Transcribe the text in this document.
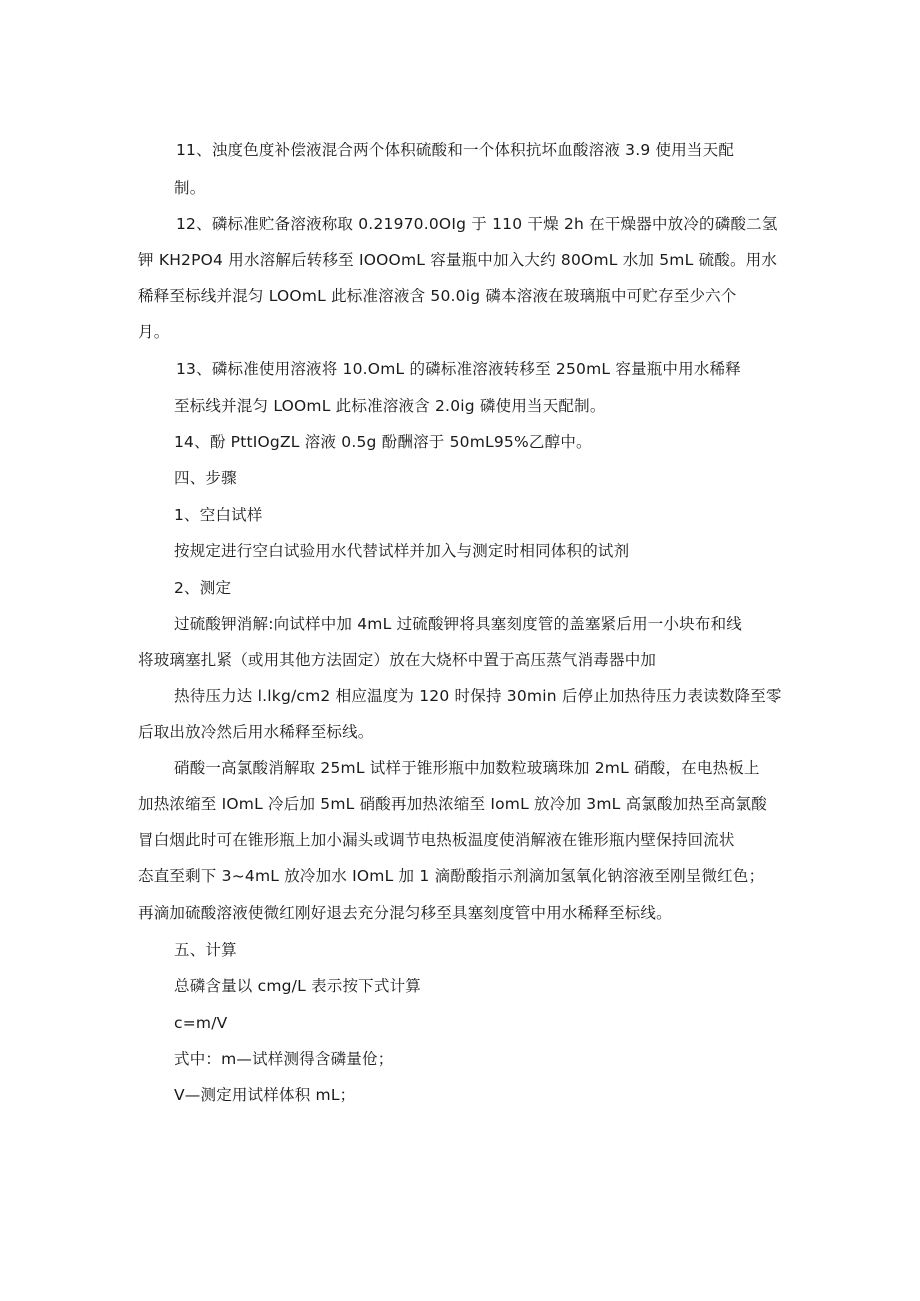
11、浊度色度补偿液混合两个体积硫酸和一个体积抗坏血酸溶液 3.9 使用当天配
制。
12、磷标准贮备溶液称取 0.21970.0OIg 于 110 干燥 2h 在干燥器中放冷的磷酸二氢
钾 KH2PO4 用水溶解后转移至 IOOOmL 容量瓶中加入大约 80OmL 水加 5mL 硫酸。用水
稀释至标线并混匀 LOOmL 此标准溶液含 50.0ig 磷本溶液在玻璃瓶中可贮存至少六个
月。
13、磷标准使用溶液将 10.OmL 的磷标准溶液转移至 250mL 容量瓶中用水稀释
至标线并混匀 LOOmL 此标准溶液含 2.0ig 磷使用当天配制。
14、酚 PttIOgZL 溶液 0.5g 酚酬溶于 50mL95%乙醇中。
四、步骤
1、空白试样
按规定进行空白试验用水代替试样并加入与测定时相同体积的试剂
2、测定
过硫酸钾消解:向试样中加 4mL 过硫酸钾将具塞刻度管的盖塞紧后用一小块布和线
将玻璃塞扎紧（或用其他方法固定）放在大烧杯中置于高压蒸气消毒器中加
热待压力达 l.lkg∕cm2 相应温度为 120 时保持 30min 后停止加热待压力表读数降至零
后取出放冷然后用水稀释至标线。
硝酸一高氯酸消解取 25mL 试样于锥形瓶中加数粒玻璃珠加 2mL 硝酸，在电热板上
加热浓缩至 IOmL 冷后加 5mL 硝酸再加热浓缩至 IomL 放冷加 3mL 高氯酸加热至高氯酸
冒白烟此时可在锥形瓶上加小漏头或调节电热板温度使消解液在锥形瓶内壁保持回流状
态直至剩下 3~4mL 放冷加水 IOmL 加 1 滴酚酸指示剂滴加氢氧化钠溶液至刚呈微红色；
再滴加硫酸溶液使微红刚好退去充分混匀移至具塞刻度管中用水稀释至标线。
五、计算
总磷含量以 cmg/L 表示按下式计算
c=m/V
式中：m—试样测得含磷量伧；
V—测定用试样体积 mL；
